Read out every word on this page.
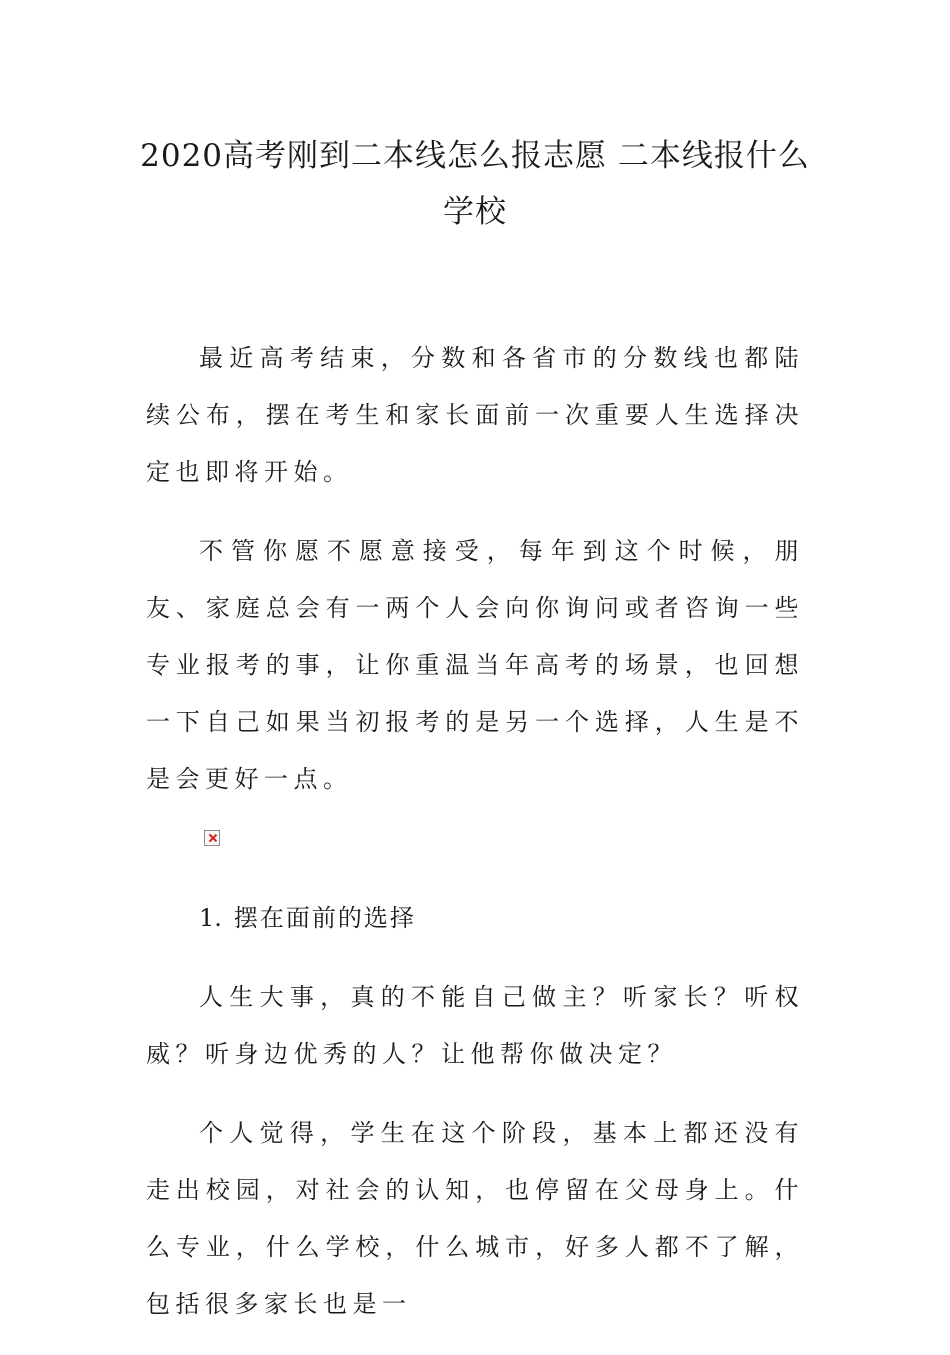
2020高考刚到二本线怎么报志愿 二本线报什么学校

最近高考结束，分数和各省市的分数线也都陆续公布，摆在考生和家长面前一次重要人生选择决定也即将开始。

不管你愿不愿意接受，每年到这个时候，朋友、家庭总会有一两个人会向你询问或者咨询一些专业报考的事，让你重温当年高考的场景，也回想一下自己如果当初报考的是另一个选择，人生是不是会更好一点。

1. 摆在面前的选择

人生大事，真的不能自己做主？听家长？听权威？听身边优秀的人？让他帮你做决定？

个人觉得，学生在这个阶段，基本上都还没有走出校园，对社会的认知，也停留在父母身上。什么专业，什么学校，什么城市，好多人都不了解，包括很多家长也是一
